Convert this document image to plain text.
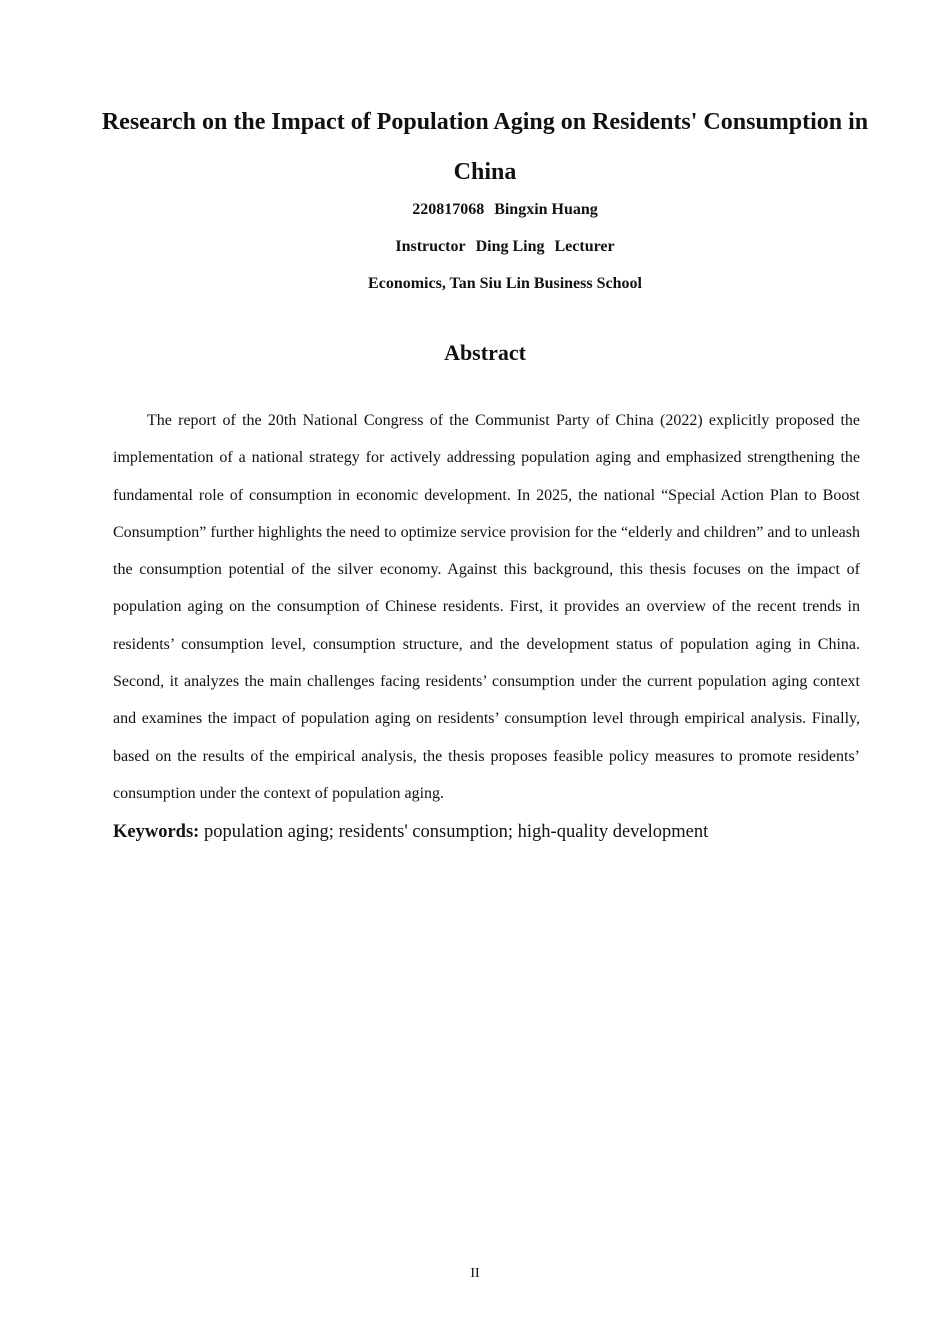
Research on the Impact of Population Aging on Residents' Consumption in China
220817068 Bingxin Huang
Instructor Ding Ling Lecturer
Economics, Tan Siu Lin Business School
Abstract

The report of the 20th National Congress of the Communist Party of China (2022) explicitly proposed the implementation of a national strategy for actively addressing population aging and emphasized strengthening the fundamental role of consumption in economic development. In 2025, the national “Special Action Plan to Boost Consumption” further highlights the need to optimize service provision for the “elderly and children” and to unleash the consumption potential of the silver economy. Against this background, this thesis focuses on the impact of population aging on the consumption of Chinese residents. First, it provides an overview of the recent trends in residents’ consumption level, consumption structure, and the development status of population aging in China. Second, it analyzes the main challenges facing residents’ consumption under the current population aging context and examines the impact of population aging on residents’ consumption level through empirical analysis. Finally, based on the results of the empirical analysis, the thesis proposes feasible policy measures to promote residents’ consumption under the context of population aging.

Keywords: population aging; residents' consumption; high-quality development

II
